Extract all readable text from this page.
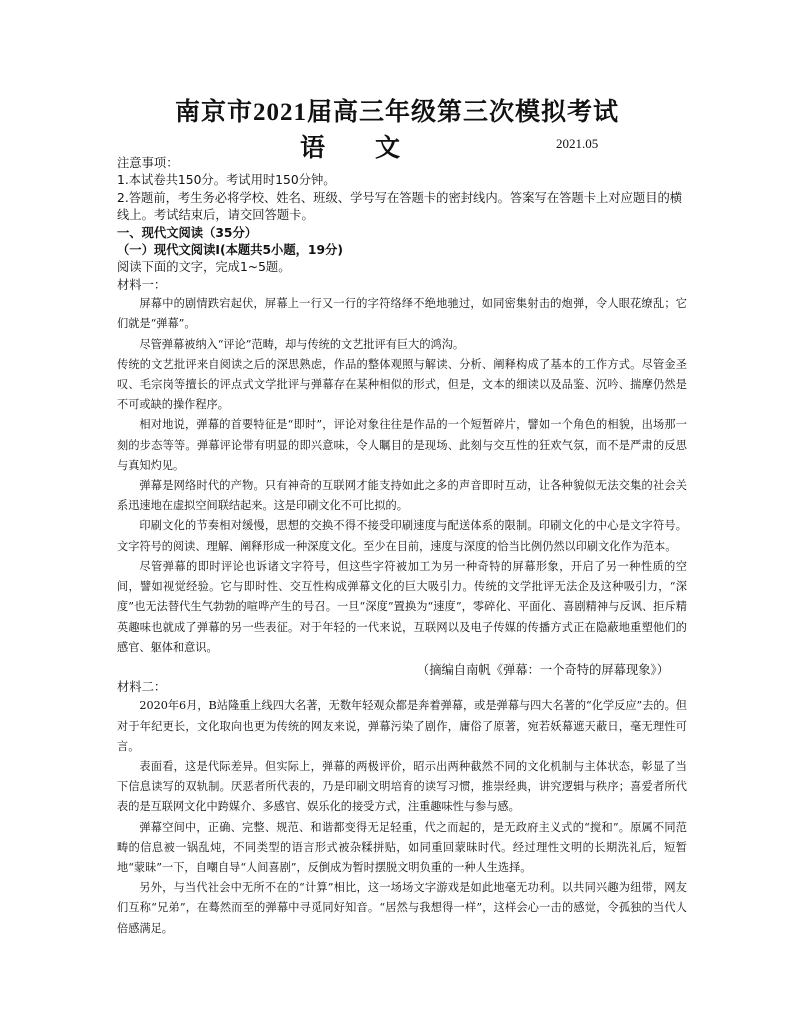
南京市2021届高三年级第三次模拟考试
语　　文	2021.05

注意事项：

1.本试卷共150分。考试用时150分钟。

2.答题前，考生务必将学校、姓名、班级、学号写在答题卡的密封线内。答案写在答题卡上对应题目的横线上。考试结束后，请交回答题卡。

一、现代文阅读（35分）

（一）现代文阅读I(本题共5小题，19分)

阅读下面的文字，完成1~5题。

材料一：

屏幕中的剧情跌宕起伏，屏幕上一行又一行的字符络绎不绝地驰过，如同密集射击的炮弹，令人眼花缭乱；它们就是“弹幕”。

尽管弹幕被纳入“评论”范畴，却与传统的文艺批评有巨大的鸿沟。

传统的文艺批评来自阅读之后的深思熟虑，作品的整体观照与解读、分析、阐释构成了基本的工作方式。尽管金圣叹、毛宗岗等擅长的评点式文学批评与弹幕存在某种相似的形式，但是，文本的细读以及品鉴、沉吟、揣摩仍然是不可或缺的操作程序。

相对地说，弹幕的首要特征是“即时”，评论对象往往是作品的一个短暂碎片，譬如一个角色的相貌，出场那一刻的步态等等。弹幕评论带有明显的即兴意味，令人瞩目的是现场、此刻与交互性的狂欢气氛，而不是严肃的反思与真知灼见。

弹幕是网络时代的产物。只有神奇的互联网才能支持如此之多的声音即时互动，让各种貌似无法交集的社会关系迅速地在虚拟空间联结起来。这是印刷文化不可比拟的。

印刷文化的节奏相对缓慢，思想的交换不得不接受印刷速度与配送体系的限制。印刷文化的中心是文字符号。文字符号的阅读、理解、阐释形成一种深度文化。至少在目前，速度与深度的恰当比例仍然以印刷文化作为范本。

尽管弹幕的即时评论也诉诸文字符号，但这些字符被加工为另一种奇特的屏幕形象，开启了另一种性质的空间，譬如视觉经验。它与即时性、交互性构成弹幕文化的巨大吸引力。传统的文学批评无法企及这种吸引力，“深度”也无法替代生气勃勃的喧哗产生的号召。一旦“深度”置换为“速度”，零碎化、平面化、喜剧精神与反讽、拒斥精英趣味也就成了弹幕的另一些表征。对于年轻的一代来说，互联网以及电子传媒的传播方式正在隐蔽地重塑他们的感官、躯体和意识。

（摘编自南帆《弹幕：一个奇特的屏幕现象》）

材料二：

2020年6月，B站隆重上线四大名著，无数年轻观众都是奔着弹幕，或是弹幕与四大名著的“化学反应”去的。但对于年纪更长，文化取向也更为传统的网友来说，弹幕污染了剧作，庸俗了原著，宛若妖幕遮天蔽日，毫无理性可言。

表面看，这是代际差异。但实际上，弹幕的两极评价，昭示出两种截然不同的文化机制与主体状态，彰显了当下信息读写的双轨制。厌恶者所代表的，乃是印刷文明培育的读写习惯，推崇经典，讲究逻辑与秩序；喜爱者所代表的是互联网文化中跨媒介、多感官、娱乐化的接受方式，注重趣味性与参与感。

弹幕空间中，正确、完整、规范、和谐都变得无足轻重，代之而起的，是无政府主义式的“搅和”。原属不同范畴的信息被一锅乱炖，不同类型的语言形式被杂糅拼贴，如同重回蒙昧时代。经过理性文明的长期洗礼后，短暂地“蒙昧”一下，自嘲自导“人间喜剧”，反倒成为暂时摆脱文明负重的一种人生选择。

另外，与当代社会中无所不在的“计算”相比，这一场场文字游戏是如此地毫无功利。以共同兴趣为纽带，网友们互称“兄弟”，在蓦然而至的弹幕中寻觅同好知音。“居然与我想得一样”，这样会心一击的感觉，令孤独的当代人倍感满足。
